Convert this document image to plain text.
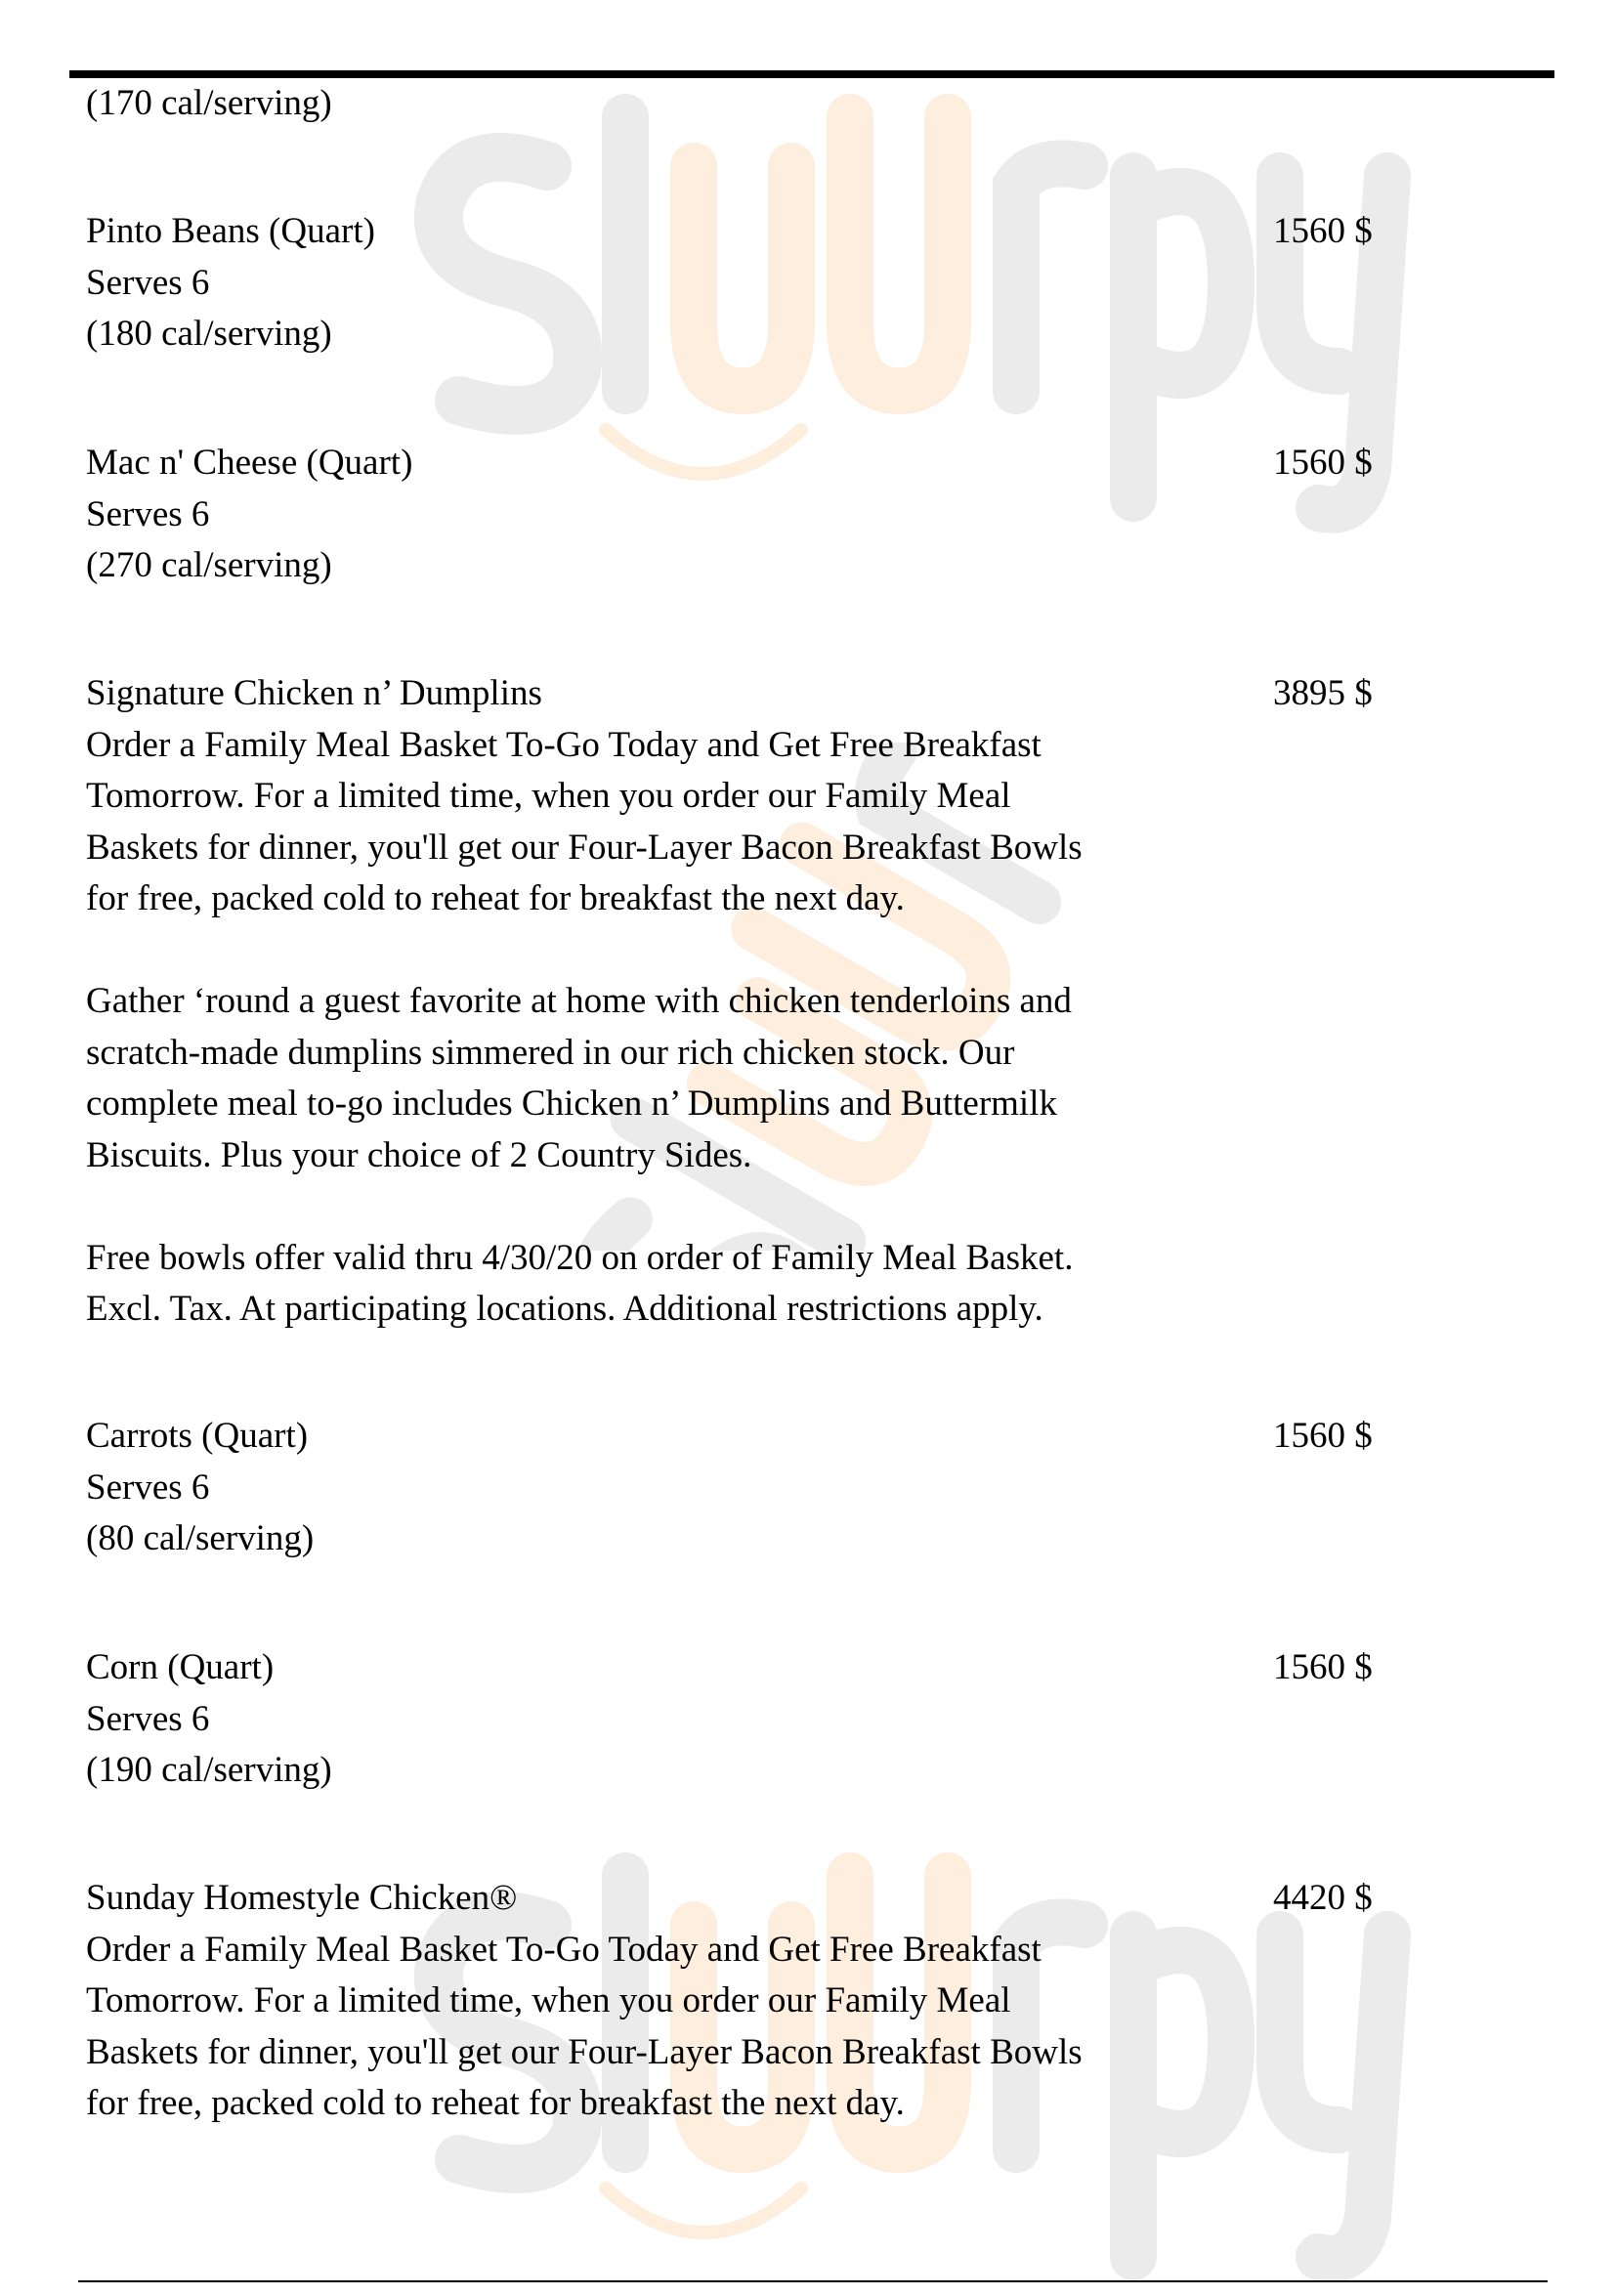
(170 cal/serving)
Pinto Beans (Quart)
Serves 6
(180 cal/serving)
1560 $
Mac n' Cheese (Quart)
Serves 6
(270 cal/serving)
1560 $
Signature Chicken n’ Dumplins
Order a Family Meal Basket To-Go Today and Get Free Breakfast
Tomorrow. For a limited time, when you order our Family Meal
Baskets for dinner, you'll get our Four-Layer Bacon Breakfast Bowls
for free, packed cold to reheat for breakfast the next day.
Gather ‘round a guest favorite at home with chicken tenderloins and
scratch-made dumplins simmered in our rich chicken stock. Our
complete meal to-go includes Chicken n’ Dumplins and Buttermilk
Biscuits. Plus your choice of 2 Country Sides.
Free bowls offer valid thru 4/30/20 on order of Family Meal Basket.
Excl. Tax. At participating locations. Additional restrictions apply.
3895 $
Carrots (Quart)
Serves 6
(80 cal/serving)
1560 $
Corn (Quart)
Serves 6
(190 cal/serving)
1560 $
Sunday Homestyle Chicken®
Order a Family Meal Basket To-Go Today and Get Free Breakfast
Tomorrow. For a limited time, when you order our Family Meal
Baskets for dinner, you'll get our Four-Layer Bacon Breakfast Bowls
for free, packed cold to reheat for breakfast the next day.
4420 $
